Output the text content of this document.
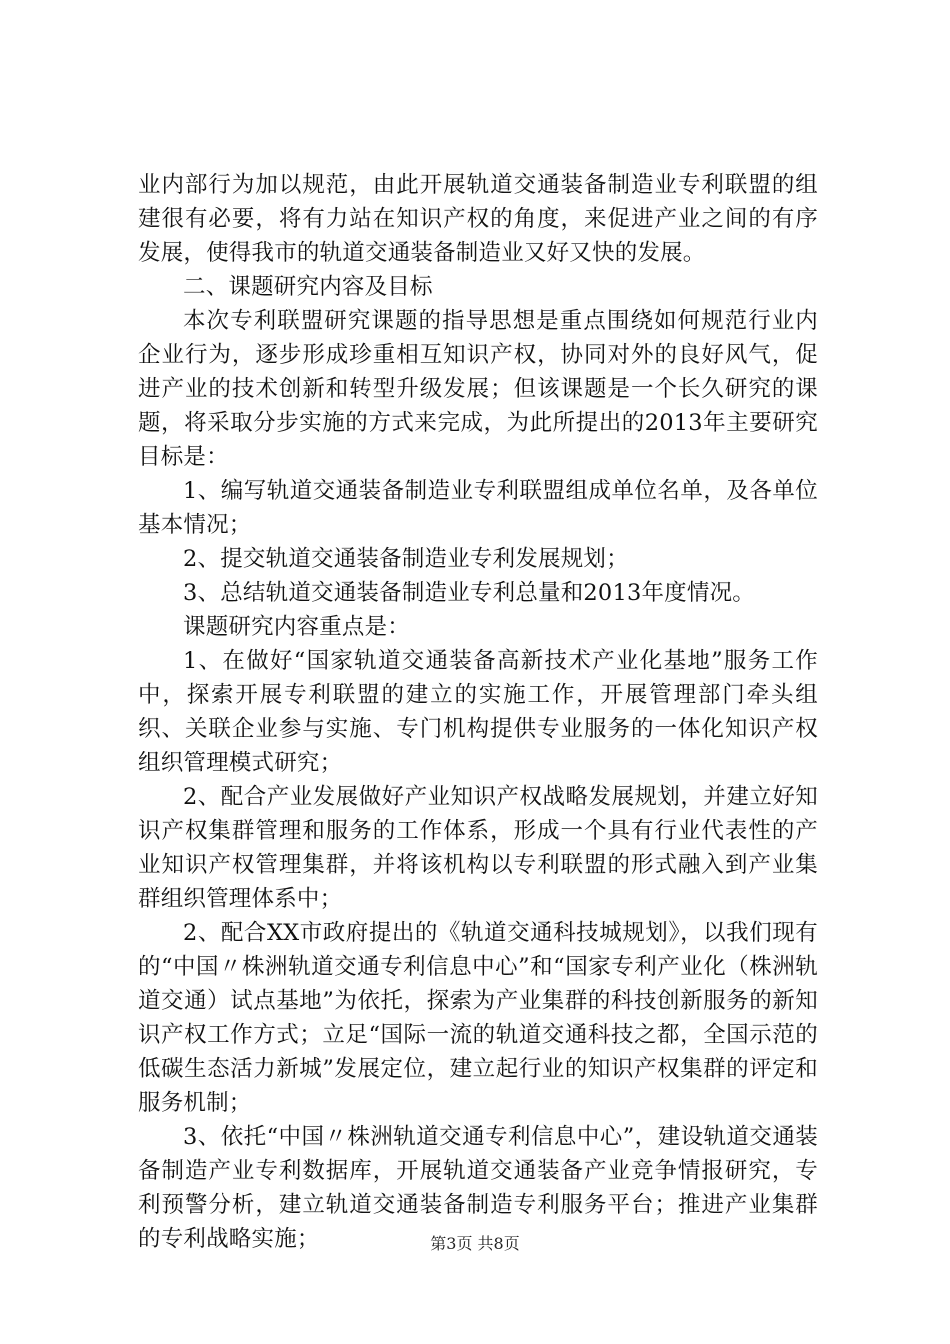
业内部行为加以规范，由此开展轨道交通装备制造业专利联盟的组建很有必要，将有力站在知识产权的角度，来促进产业之间的有序发展，使得我市的轨道交通装备制造业又好又快的发展。

二、课题研究内容及目标

本次专利联盟研究课题的指导思想是重点围绕如何规范行业内企业行为，逐步形成珍重相互知识产权，协同对外的良好风气，促进产业的技术创新和转型升级发展；但该课题是一个长久研究的课题，将采取分步实施的方式来完成，为此所提出的2013年主要研究目标是：

1、编写轨道交通装备制造业专利联盟组成单位名单，及各单位基本情况；

2、提交轨道交通装备制造业专利发展规划；

3、总结轨道交通装备制造业专利总量和2013年度情况。

课题研究内容重点是：

1、在做好“国家轨道交通装备高新技术产业化基地”服务工作中，探索开展专利联盟的建立的实施工作，开展管理部门牵头组织、关联企业参与实施、专门机构提供专业服务的一体化知识产权组织管理模式研究；

2、配合产业发展做好产业知识产权战略发展规划，并建立好知识产权集群管理和服务的工作体系，形成一个具有行业代表性的产业知识产权管理集群，并将该机构以专利联盟的形式融入到产业集群组织管理体系中；

2、配合XX市政府提出的《轨道交通科技城规划》，以我们现有的“中国〃株洲轨道交通专利信息中心”和“国家专利产业化（株洲轨道交通）试点基地”为依托，探索为产业集群的科技创新服务的新知识产权工作方式；立足“国际一流的轨道交通科技之都，全国示范的低碳生态活力新城”发展定位，建立起行业的知识产权集群的评定和服务机制；

3、依托“中国〃株洲轨道交通专利信息中心”，建设轨道交通装备制造产业专利数据库，开展轨道交通装备产业竞争情报研究，专利预警分析，建立轨道交通装备制造专利服务平台；推进产业集群的专利战略实施；	第3页 共8页
